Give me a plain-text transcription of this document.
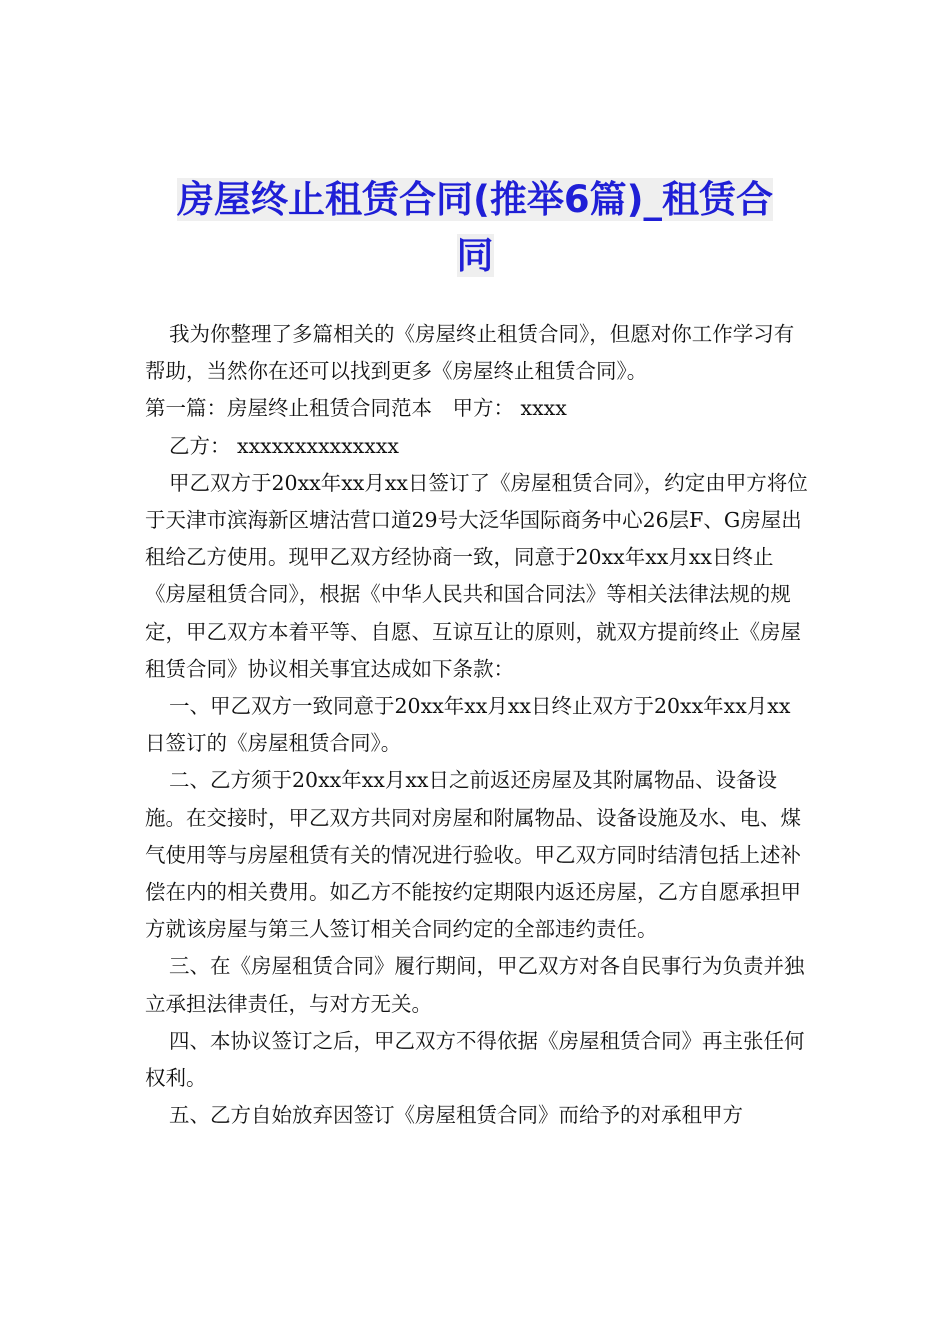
房屋终止租赁合同(推举6篇)_租赁合
同

我为你整理了多篇相关的《房屋终止租赁合同》，但愿对你工作学习有帮助，当然你在还可以找到更多《房屋终止租赁合同》。

第一篇：房屋终止租赁合同范本　甲方： xxxx

乙方： xxxxxxxxxxxxxx

甲乙双方于20xx年xx月xx日签订了《房屋租赁合同》，约定由甲方将位于天津市滨海新区塘沽营口道29号大泛华国际商务中心26层F、G房屋出租给乙方使用。现甲乙双方经协商一致，同意于20xx年xx月xx日终止《房屋租赁合同》，根据《中华人民共和国合同法》等相关法律法规的规定，甲乙双方本着平等、自愿、互谅互让的原则，就双方提前终止《房屋租赁合同》协议相关事宜达成如下条款：

一、甲乙双方一致同意于20xx年xx月xx日终止双方于20xx年xx月xx日签订的《房屋租赁合同》。

二、乙方须于20xx年xx月xx日之前返还房屋及其附属物品、设备设施。在交接时，甲乙双方共同对房屋和附属物品、设备设施及水、电、煤气使用等与房屋租赁有关的情况进行验收。甲乙双方同时结清包括上述补偿在内的相关费用。如乙方不能按约定期限内返还房屋，乙方自愿承担甲方就该房屋与第三人签订相关合同约定的全部违约责任。

三、在《房屋租赁合同》履行期间，甲乙双方对各自民事行为负责并独立承担法律责任，与对方无关。

四、本协议签订之后，甲乙双方不得依据《房屋租赁合同》再主张任何权利。

五、乙方自始放弃因签订《房屋租赁合同》而给予的对承租甲方
